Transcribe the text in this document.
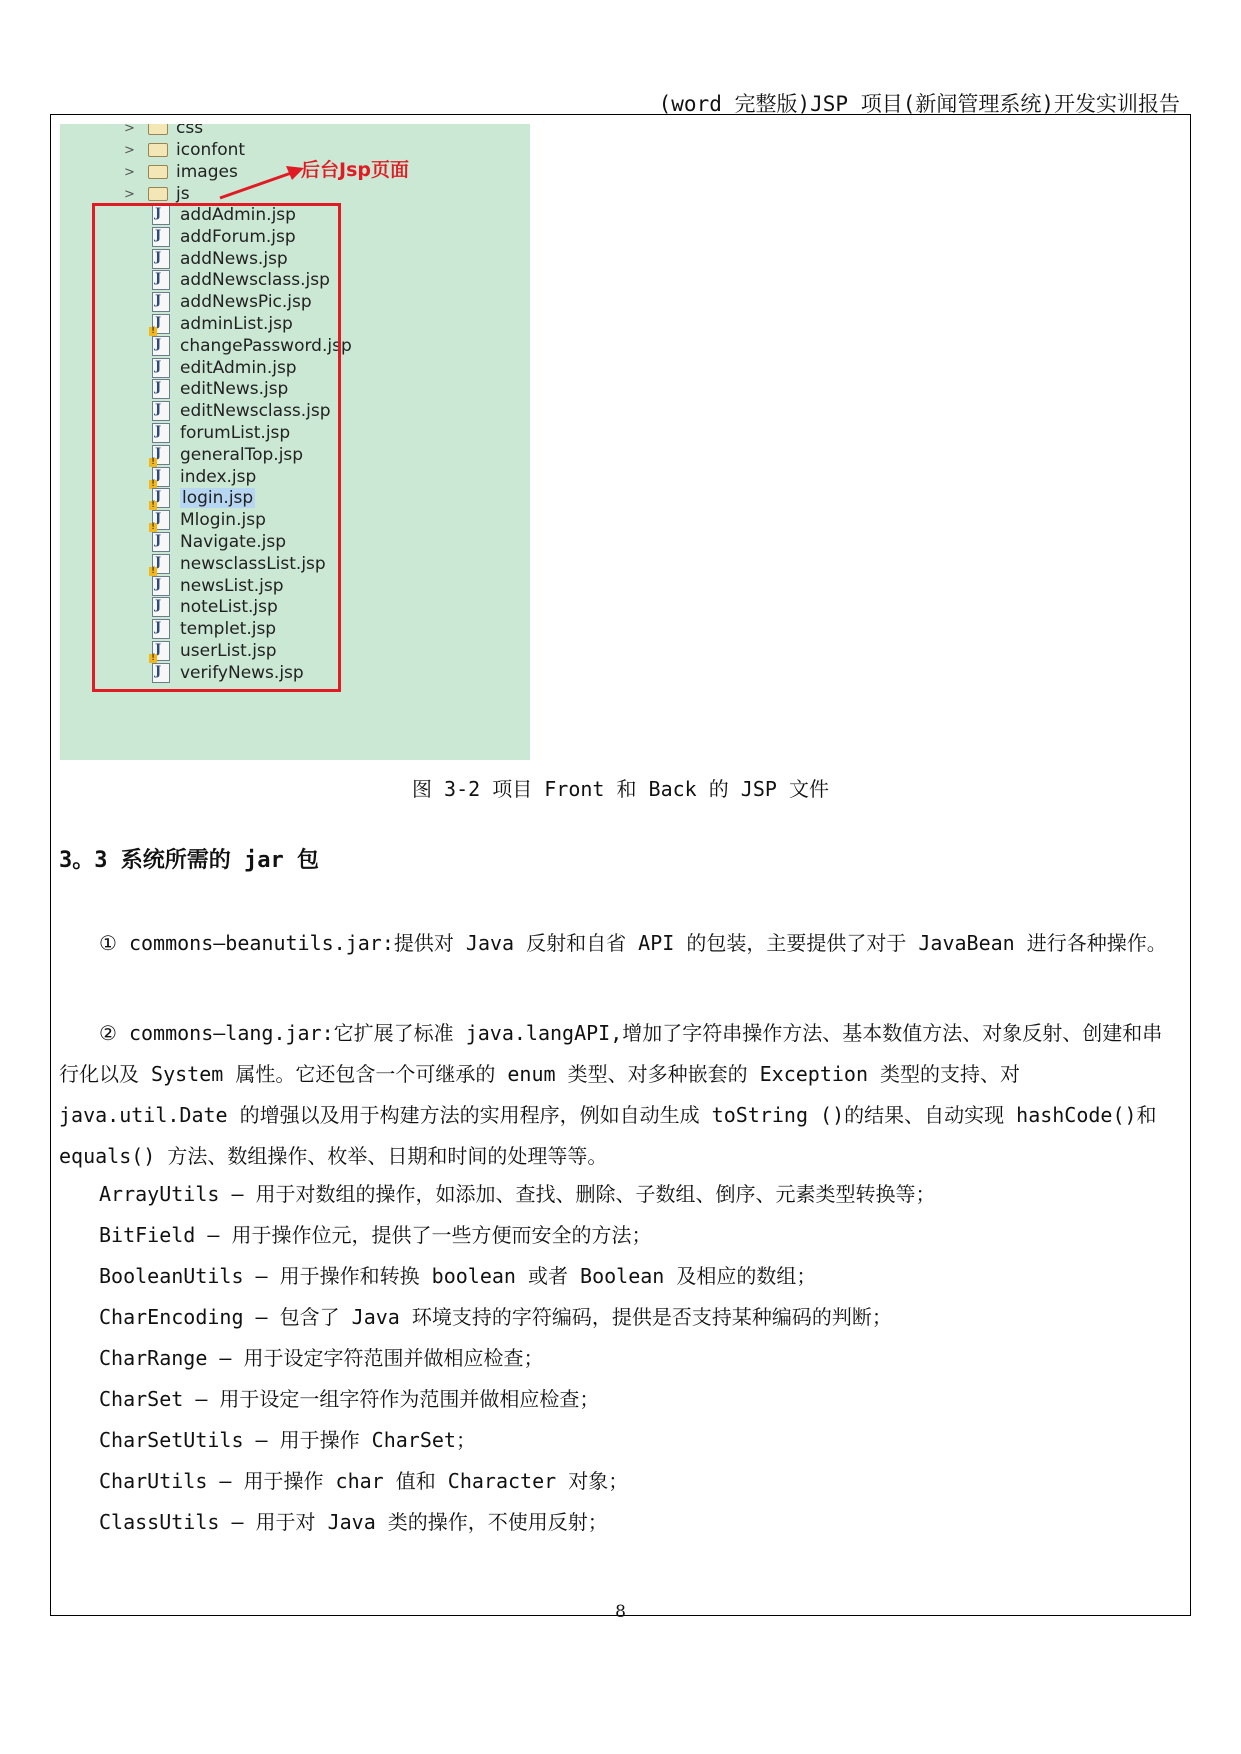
(word 完整版)JSP 项目(新闻管理系统)开发实训报告
> css
> iconfont
> images
> js
J
addAdmin.jsp
J
addForum.jsp
J
addNews.jsp
J
addNewsclass.jsp
J
addNewsPic.jsp
J !
adminList.jsp
J
changePassword.jsp
J
editAdmin.jsp
J
editNews.jsp
J
editNewsclass.jsp
J
forumList.jsp
J !
generalTop.jsp
J !
index.jsp
J !
login.jsp
J !
Mlogin.jsp
J
Navigate.jsp
J !
newsclassList.jsp
J
newsList.jsp
J
noteList.jsp
J
templet.jsp
J !
userList.jsp
J
verifyNews.jsp
后台Jsp页面
图 3-2 项目 Front 和 Back 的 JSP 文件
3。3 系统所需的 jar 包
① commons—beanutils.jar:提供对 Java 反射和自省 API 的包装，主要提供了对于 JavaBean 进行各种操作。
② commons—lang.jar:它扩展了标准 java.langAPI,增加了字符串操作方法、基本数值方法、对象反射、创建和串行化以及 System 属性。它还包含一个可继承的 enum 类型、对多种嵌套的 Exception 类型的支持、对 java.util.Date 的增强以及用于构建方法的实用程序，例如自动生成 toString ()的结果、自动实现 hashCode()和 equals() 方法、数组操作、枚举、日期和时间的处理等等。
ArrayUtils – 用于对数组的操作，如添加、查找、删除、子数组、倒序、元素类型转换等；
BitField – 用于操作位元，提供了一些方便而安全的方法；
BooleanUtils – 用于操作和转换 boolean 或者 Boolean 及相应的数组；
CharEncoding – 包含了 Java 环境支持的字符编码，提供是否支持某种编码的判断；
CharRange – 用于设定字符范围并做相应检查；
CharSet – 用于设定一组字符作为范围并做相应检查；
CharSetUtils – 用于操作 CharSet；
CharUtils – 用于操作 char 值和 Character 对象；
ClassUtils – 用于对 Java 类的操作，不使用反射；
8
